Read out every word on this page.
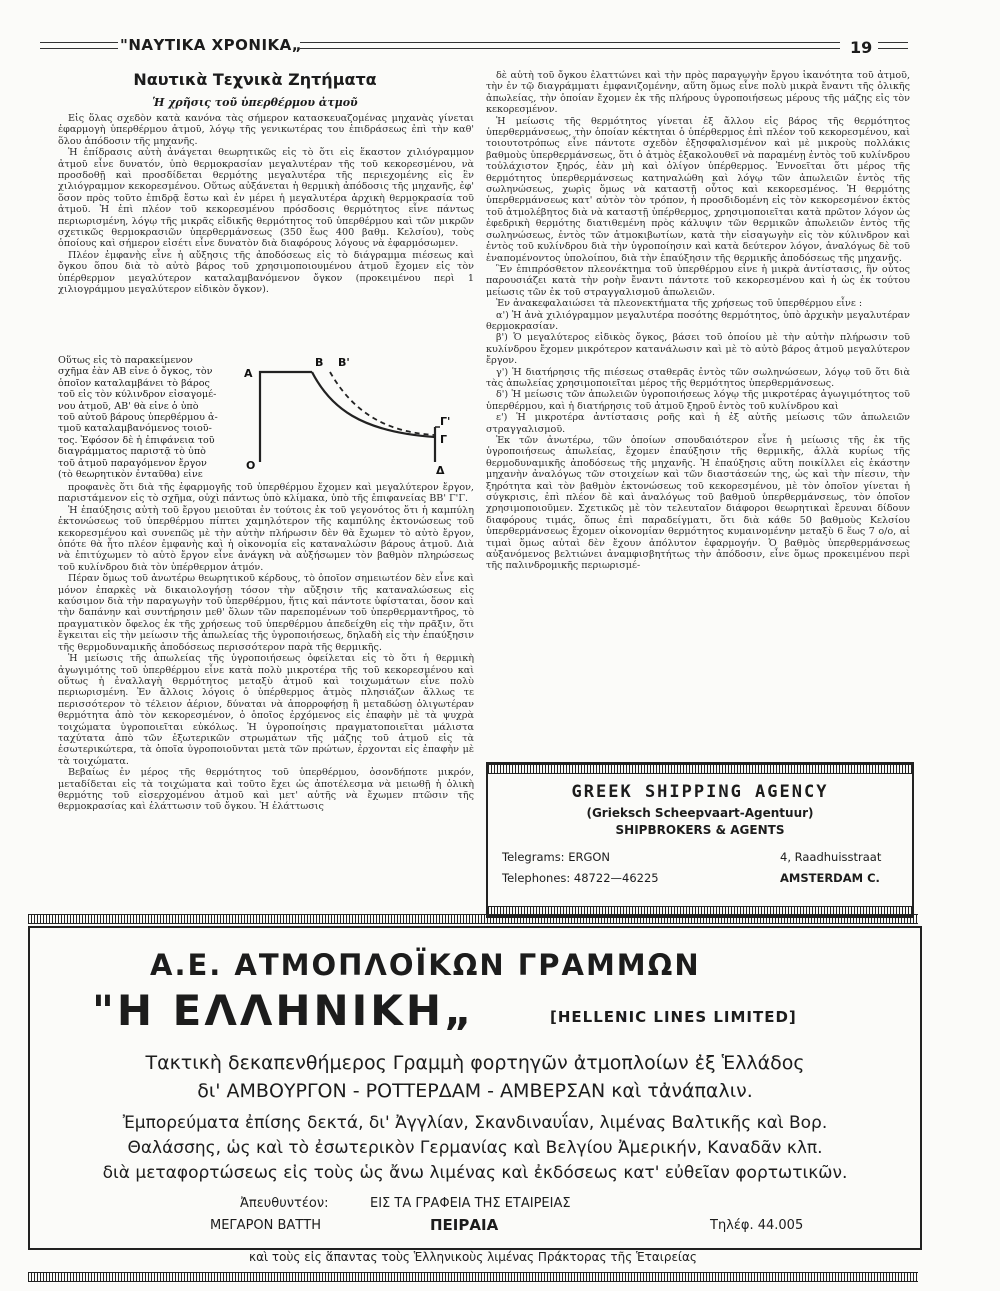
"ΝΑΥΤΙΚΑ ΧΡΟΝΙΚΑ„	19
Ναυτικὰ Τεχνικὰ Ζητήματα
Ἡ χρῆσις τοῦ ὑπερθέρμου ἀτμοῦ

Εἰς ὅλας σχεδὸν κατὰ κανόνα τὰς σήμερον κατασκευαζομένας μηχανὰς γίνεται ἐφαρμογὴ ὑπερθέρμου ἀτμοῦ, λόγῳ τῆς γενικωτέρας του ἐπιδράσεως ἐπὶ τὴν καθ' ὅλου ἀπόδοσιν τῆς μηχανῆς.

Ἡ ἐπίδρασις αὐτὴ ἀνάγεται θεωρητικῶς εἰς τὸ ὅτι εἰς ἕκαστον χιλιόγραμμον ἀτμοῦ εἶνε δυνατόν, ὑπὸ θερμοκρασίαν μεγαλυτέραν τῆς τοῦ κεκορεσμένου, νὰ προσδοθῇ καὶ προσδίδεται θερμότης μεγαλυτέρα τῆς περιεχομένης εἰς ἓν χιλιόγραμμον κεκορεσμένου. Οὕτως αὐξάνεται ἡ θερμικὴ ἀπόδοσις τῆς μηχανῆς, ἐφ' ὅσον πρὸς τοῦτο ἐπιδρᾷ ἔστω καὶ ἐν μέρει ἡ μεγαλυτέρα ἀρχικὴ θερμοκρασία τοῦ ἀτμοῦ. Ἡ ἐπὶ πλέον τοῦ κεκορεσμένου πρόσδοσις θερμότητος εἶνε πάντως περιωρισμένη, λόγῳ τῆς μικρᾶς εἰδικῆς θερμότητος τοῦ ὑπερθέρμου καὶ τῶν μικρῶν σχετικῶς θερμοκρασιῶν ὑπερθερμάνσεως (350 ἕως 400 βαθμ. Κελσίου), τοὺς ὁποίους καὶ σήμερον εἰσέτι εἶνε δυνατὸν διὰ διαφόρους λόγους νὰ ἐφαρμόσωμεν.

Πλέον ἐμφανὴς εἶνε ἡ αὔξησις τῆς ἀποδόσεως εἰς τὸ διάγραμμα πιέσεως καὶ ὄγκου ὅπου διὰ τὸ αὐτὸ βάρος τοῦ χρησιμοποιουμένου ἀτμοῦ ἔχομεν εἰς τὸν ὑπέρθερμον μεγαλύτερον καταλαμβανόμενον ὄγκον (προκειμένου περὶ 1 χιλιογράμμου μεγαλύτερον εἰδικὸν ὄγκον).

Οὕτως εἰς τὸ παρακείμενον
σχῆμα ἐὰν ΑΒ εἶνε ὁ ὄγκος, τὸν
ὁποῖον καταλαμβάνει τὸ βάρος
τοῦ εἰς τὸν κύλινδρον εἰσαγομέ-
νου ἀτμοῦ, ΑΒ' θὰ εἶνε ὁ ὑπὸ
τοῦ αὐτοῦ βάρους ὑπερθέρμου ἀ-
τμοῦ καταλαμβανόμενος τοιοῦ-
τος. Ἐφόσον δὲ ἡ ἐπιφάνεια τοῦ
διαγράμματος παριστᾷ τὸ ὑπὸ
τοῦ ἀτμοῦ παραγόμενον ἔργον
(τὸ θεωρητικὸν ἐνταῦθα) εἶνε
Β Β'
Α
Γ'
Γ
Ο	Δ

προφανὲς ὅτι διὰ τῆς ἐφαρμογῆς τοῦ ὑπερθέρμου ἔχομεν καὶ μεγαλύτερον ἔργον, παριστάμενον εἰς τὸ σχῆμα, οὐχὶ πάντως ὑπὸ κλίμακα, ὑπὸ τῆς ἐπιφανείας ΒΒ' Γ'Γ.

Ἡ ἐπαύξησις αὐτὴ τοῦ ἔργου μειοῦται ἐν τούτοις ἐκ τοῦ γεγονότος ὅτι ἡ καμπύλη ἐκτονώσεως τοῦ ὑπερθέρμου πίπτει χαμηλότερον τῆς καμπύλης ἐκτονώσεως τοῦ κεκορεσμένου καὶ συνεπῶς μὲ τὴν αὐτὴν πλήρωσιν δὲν θὰ ἔχωμεν τὸ αὐτὸ ἔργον, ὁπότε θὰ ἦτο πλέον ἐμφανὴς καὶ ἡ οἰκονομία εἰς καταναλώσιν βάρους ἀτμοῦ. Διὰ νὰ ἐπιτύχωμεν τὸ αὐτὸ ἔργον εἶνε ἀνάγκη νὰ αὐξήσωμεν τὸν βαθμὸν πληρώσεως τοῦ κυλίνδρου διὰ τὸν ὑπέρθερμον ἀτμόν.

Πέραν ὅμως τοῦ ἀνωτέρω θεωρητικοῦ κέρδους, τὸ ὁποῖον σημειωτέον δὲν εἶνε καὶ μόνον ἐπαρκὲς νὰ δικαιολογήσῃ τόσον τὴν αὔξησιν τῆς καταναλώσεως εἰς καύσιμον διὰ τὴν παραγωγὴν τοῦ ὑπερθέρμου, ἥτις καὶ πάντοτε ὑφίσταται, ὅσον καὶ τὴν δαπάνην καὶ συντήρησιν μεθ' ὅλων τῶν παρεπομένων τοῦ ὑπερθερμαντῆρος, τὸ πραγματικὸν ὄφελος ἐκ τῆς χρήσεως τοῦ ὑπερθέρμου ἀπεδείχθη εἰς τὴν πρᾶξιν, ὅτι ἔγκειται εἰς τὴν μείωσιν τῆς ἀπωλείας τῆς ὑγροποιήσεως, δηλαδὴ εἰς τὴν ἐπαύξησιν τῆς θερμοδυναμικῆς ἀποδόσεως περισσότερον παρὰ τῆς θερμικῆς.

Ἡ μείωσις τῆς ἀπωλείας τῆς ὑγροποιήσεως ὀφείλεται εἰς τὸ ὅτι ἡ θερμικὴ ἀγωγιμότης τοῦ ὑπερθέρμου εἶνε κατὰ πολὺ μικροτέρα τῆς τοῦ κεκορεσμένου καὶ οὕτως ἡ ἐναλλαγὴ θερμότητος μεταξὺ ἀτμοῦ καὶ τοιχωμάτων εἶνε πολὺ περιωρισμένη. Ἐν ἄλλοις λόγοις ὁ ὑπέρθερμος ἀτμὸς πλησιάζων ἄλλως τε περισσότερον τὸ τέλειον ἀέριον, δύναται νὰ ἀπορροφήσῃ ἢ μεταδώσῃ ὀλιγωτέραν θερμότητα ἀπὸ τὸν κεκορεσμένον, ὁ ὁποῖος ἐρχόμενος εἰς ἐπαφὴν μὲ τὰ ψυχρὰ τοιχώματα ὑγροποιεῖται εὐκόλως. Ἡ ὑγροποίησις πραγματοποιεῖται μάλιστα ταχύτατα ἀπὸ τῶν ἐξωτερικῶν στρωμάτων τῆς μάζης τοῦ ἀτμοῦ εἰς τὰ ἐσωτερικώτερα, τὰ ὁποῖα ὑγροποιοῦνται μετὰ τῶν πρώτων, ἐρχονται εἰς ἐπαφὴν μὲ τὰ τοιχώματα.

Βεβαίως ἐν μέρος τῆς θερμότητος τοῦ ὑπερθέρμου, ὁσονδήποτε μικρόν, μεταδίδεται εἰς τὰ τοιχώματα καὶ τοῦτο ἔχει ὡς ἀποτέλεσμα νὰ μειωθῇ ἡ ὁλικὴ θερμότης τοῦ εἰσερχομένου ἀτμοῦ καὶ μετ' αὐτῆς νὰ ἔχωμεν πτῶσιν τῆς θερμοκρασίας καὶ ἐλάττωσιν τοῦ ὄγκου. Ἡ ἐλάττωσις

δὲ αὐτὴ τοῦ ὄγκου ἐλαττώνει καὶ τὴν πρὸς παραγωγὴν ἔργου ἱκανότητα τοῦ ἀτμοῦ, τὴν ἐν τῷ διαγράμματι ἐμφανιζομένην, αὕτη ὅμως εἶνε πολὺ μικρὰ ἔναντι τῆς ὁλικῆς ἀπωλείας, τὴν ὁποίαν ἔχομεν ἐκ τῆς πλήρους ὑγροποιήσεως μέρους τῆς μάζης εἰς τὸν κεκορεσμένον.

Ἡ μείωσις τῆς θερμότητος γίνεται ἐξ ἄλλου εἰς βάρος τῆς θερμότητος ὑπερθερμάνσεως, τὴν ὁποίαν κέκτηται ὁ ὑπέρθερμος ἐπὶ πλέον τοῦ κεκορεσμένου, καὶ τοιουτοτρόπως εἶνε πάντοτε σχεδὸν ἐξησφαλισμένον καὶ μὲ μικροὺς πολλάκις βαθμοὺς ὑπερθερμάνσεως, ὅτι ὁ ἀτμὸς ἐξακολουθεῖ νὰ παραμένῃ ἐντὸς τοῦ κυλίνδρου τοὐλάχιστον ξηρός, ἐὰν μὴ καὶ ὀλίγον ὑπέρθερμος. Ἐννοεῖται ὅτι μέρος τῆς θερμότητος ὑπερθερμάνσεως κατηναλώθη καὶ λόγῳ τῶν ἀπωλειῶν ἐντὸς τῆς σωληνώσεως, χωρὶς ὅμως νὰ καταστῇ οὗτος καὶ κεκορεσμένος. Ἡ θερμότης ὑπερθερμάνσεως κατ' αὐτὸν τὸν τρόπον, ἡ προσδιδομένη εἰς τὸν κεκορεσμένον ἐκτὸς τοῦ ἀτμολέβητος διὰ νὰ καταστῇ ὑπέρθερμος, χρησιμοποιεῖται κατὰ πρῶτον λόγον ὡς ἐφεδρικὴ θερμότης διατιθεμένη πρὸς κάλυψιν τῶν θερμικῶν ἀπωλειῶν ἐντὸς τῆς σωληνώσεως, ἐντὸς τῶν ἀτμοκιβωτίων, κατὰ τὴν εἰσαγωγὴν εἰς τὸν κύλινδρον καὶ ἐντὸς τοῦ κυλίνδρου διὰ τὴν ὑγροποίησιν καὶ κατὰ δεύτερον λόγον, ἀναλόγως δὲ τοῦ ἐναπομένοντος ὑπολοίπου, διὰ τὴν ἐπαύξησιν τῆς θερμικῆς ἀποδόσεως τῆς μηχανῆς.

Ἓν ἐπιπρόσθετον πλεονέκτημα τοῦ ὑπερθέρμου εἶνε ἡ μικρὰ ἀντίστασις, ἣν οὗτος παρουσιάζει κατὰ τὴν ροὴν ἔναντι πάντοτε τοῦ κεκορεσμένου καὶ ἡ ὡς ἐκ τούτου μείωσις τῶν ἐκ τοῦ στραγγαλισμοῦ ἀπωλειῶν.

Ἐν ἀνακεφαλαιώσει τὰ πλεονεκτήματα τῆς χρήσεως τοῦ ὑπερθέρμου εἶνε :

α') Ἡ ἀνὰ χιλιόγραμμον μεγαλυτέρα ποσότης θερμότητος, ὑπὸ ἀρχικὴν μεγαλυτέραν θερμοκρασίαν.

β') Ὁ μεγαλύτερος εἰδικὸς ὄγκος, βάσει τοῦ ὁποίου μὲ τὴν αὐτὴν πλήρωσιν τοῦ κυλίνδρου ἔχομεν μικρότερον κατανάλωσιν καὶ μὲ τὸ αὐτὸ βάρος ἀτμοῦ μεγαλύτερον ἔργον.

γ') Ἡ διατήρησις τῆς πιέσεως σταθερᾶς ἐντὸς τῶν σωληνώσεων, λόγῳ τοῦ ὅτι διὰ τὰς ἀπωλείας χρησιμοποιεῖται μέρος τῆς θερμότητος ὑπερθερμάνσεως.

δ') Ἡ μείωσις τῶν ἀπωλειῶν ὑγροποιήσεως λόγῳ τῆς μικροτέρας ἀγωγιμότητος τοῦ ὑπερθέρμου, καὶ ἡ διατήρησις τοῦ ἀτμοῦ ξηροῦ ἐντὸς τοῦ κυλίνδρου καὶ

ε') Ἡ μικροτέρα ἀντίστασις ροῆς καὶ ἡ ἐξ αὐτῆς μείωσις τῶν ἀπωλειῶν στραγγαλισμοῦ.

Ἐκ τῶν ἀνωτέρω, τῶν ὁποίων σπουδαιότερον εἶνε ἡ μείωσις τῆς ἐκ τῆς ὑγροποιήσεως ἀπωλείας, ἔχομεν ἐπαύξησιν τῆς θερμικῆς, ἀλλὰ κυρίως τῆς θερμοδυναμικῆς ἀποδόσεως τῆς μηχανῆς. Ἡ ἐπαύξησις αὕτη ποικίλλει εἰς ἑκάστην μηχανὴν ἀναλόγως τῶν στοιχείων καὶ τῶν διαστάσεών της, ὡς καὶ τὴν πίεσιν, τὴν ξηρότητα καὶ τὸν βαθμὸν ἐκτονώσεως τοῦ κεκορεσμένου, μὲ τὸν ὁποῖον γίνεται ἡ σύγκρισις, ἐπὶ πλέον δὲ καὶ ἀναλόγως τοῦ βαθμοῦ ὑπερθερμάνσεως, τὸν ὁποῖον χρησιμοποιοῦμεν. Σχετικῶς μὲ τὸν τελευταῖον διάφοροι θεωρητικαὶ ἔρευναι δίδουν διαφόρους τιμάς, ὅπως ἐπὶ παραδείγματι, ὅτι διὰ κάθε 50 βαθμοὺς Κελσίου ὑπερθερμάνσεως ἔχομεν οἰκονομίαν θερμότητος κυμαινομένην μεταξὺ 6 ἕως 7 ο/ο, αἱ τιμαὶ ὅμως αὐταὶ δὲν ἔχουν ἀπόλυτον ἐφαρμογήν. Ὁ βαθμὸς ὑπερθερμάνσεως αὐξανόμενος βελτιώνει ἀναμφισβητήτως τὴν ἀπόδοσιν, εἶνε ὅμως προκειμένου περὶ τῆς παλινδρομικῆς περιωρισμέ-

GREEK SHIPPING AGENCY
(Grieksch Scheepvaart-Agentuur)
SHIPBROKERS & AGENTS
Telegrams: ERGON
Telephones: 48722—46225
4, Raadhuisstraat
AMSTERDAM C.
Α.Ε. ΑΤΜΟΠΛΟΪΚΩΝ ΓΡΑΜΜΩΝ
"Η ΕΛΛΗΝΙΚΗ„	[HELLENIC LINES LIMITED]
Τακτικὴ δεκαπενθήμερος Γραμμὴ φορτηγῶν ἀτμοπλοίων ἐξ Ἑλλάδος
δι' ΑΜΒΟΥΡΓΟΝ - ΡΟΤΤΕΡΔΑΜ - ΑΜΒΕΡΣΑΝ καὶ τἀνάπαλιν.
Ἐμπορεύματα ἐπίσης δεκτά, δι' Ἀγγλίαν, Σκανδιναυΐαν, λιμένας Βαλτικῆς καὶ Βορ.
Θαλάσσης, ὡς καὶ τὸ ἐσωτερικὸν Γερμανίας καὶ Βελγίου Ἀμερικήν, Καναδᾶν κλπ.
διὰ μεταφορτώσεως εἰς τοὺς ὡς ἄνω λιμένας καὶ ἐκδόσεως κατ' εὐθεῖαν φορτωτικῶν.
Ἀπευθυντέον:	ΕΙΣ ΤΑ ΓΡΑΦΕΙΑ ΤΗΣ ΕΤΑΙΡΕΙΑΣ
ΜΕΓΑΡΟΝ ΒΑΤΤΗ	ΠΕΙΡΑΙΑ	Τηλέφ. 44.005
καὶ τοὺς εἰς ἅπαντας τοὺς Ἑλληνικοὺς λιμένας Πράκτορας τῆς Ἑταιρείας
